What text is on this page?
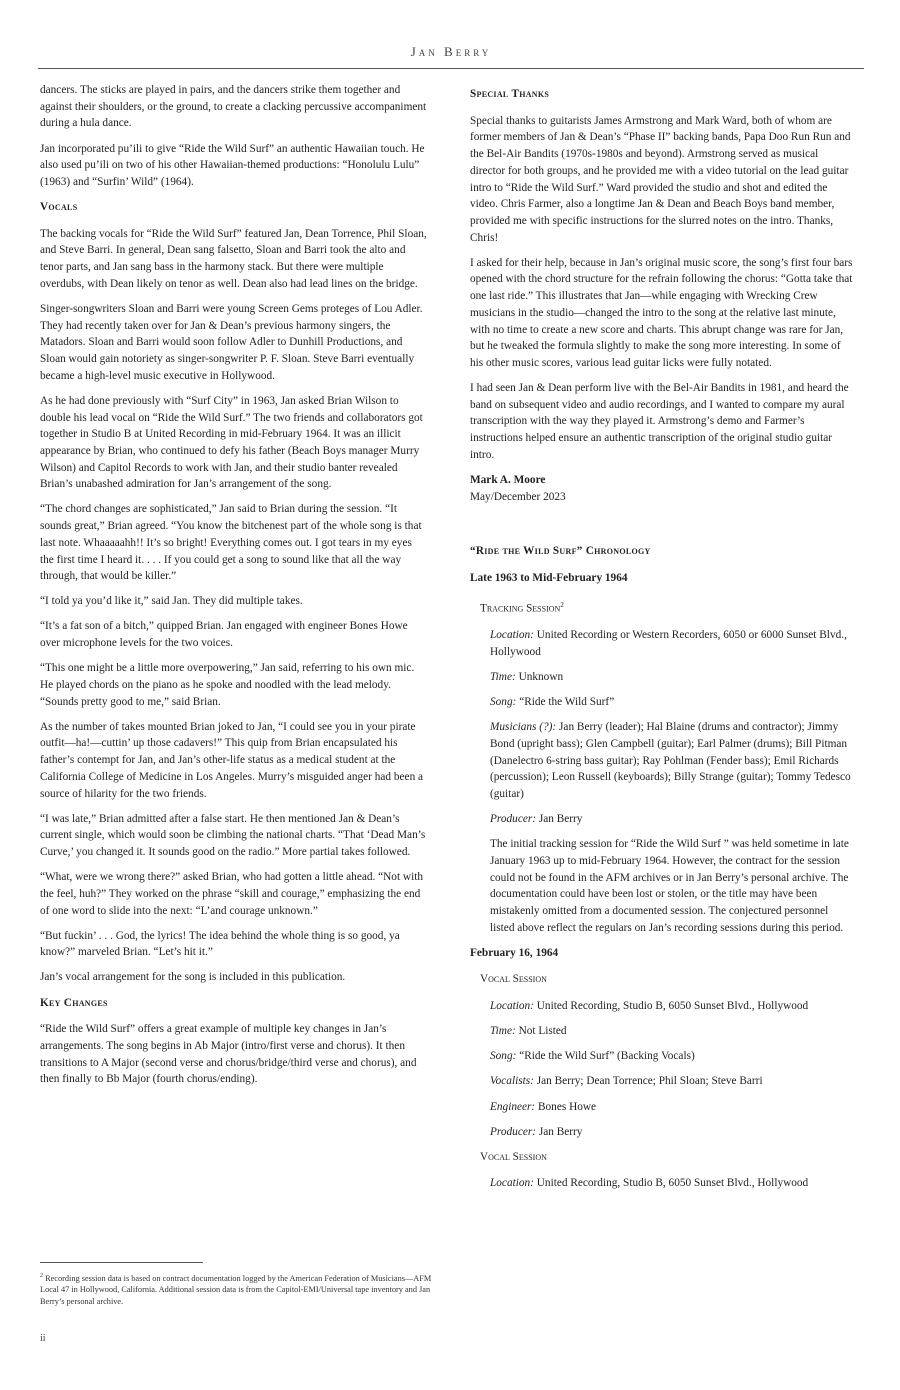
Jan Berry

dancers. The sticks are played in pairs, and the dancers strike them together and against their shoulders, or the ground, to create a clacking percussive accompaniment during a hula dance.

Jan incorporated pu’ili to give “Ride the Wild Surf” an authentic Hawaiian touch. He also used pu’ili on two of his other Hawaiian-themed productions: “Honolulu Lulu” (1963) and “Surfin’ Wild” (1964).

Vocals

The backing vocals for “Ride the Wild Surf” featured Jan, Dean Torrence, Phil Sloan, and Steve Barri. In general, Dean sang falsetto, Sloan and Barri took the alto and tenor parts, and Jan sang bass in the harmony stack. But there were multiple overdubs, with Dean likely on tenor as well. Dean also had lead lines on the bridge.

Singer-songwriters Sloan and Barri were young Screen Gems proteges of Lou Adler. They had recently taken over for Jan & Dean’s previous harmony singers, the Matadors. Sloan and Barri would soon follow Adler to Dunhill Productions, and Sloan would gain notoriety as singer-songwriter P. F. Sloan. Steve Barri eventually became a high-level music executive in Hollywood.

As he had done previously with “Surf City” in 1963, Jan asked Brian Wilson to double his lead vocal on “Ride the Wild Surf.” The two friends and collaborators got together in Studio B at United Recording in mid-February 1964. It was an illicit appearance by Brian, who continued to defy his father (Beach Boys manager Murry Wilson) and Capitol Records to work with Jan, and their studio banter revealed Brian’s unabashed admiration for Jan’s arrangement of the song.

“The chord changes are sophisticated,” Jan said to Brian during the session. “It sounds great,” Brian agreed. “You know the bitchenest part of the whole song is that last note. Whaaaaahh!! It’s so bright! Everything comes out. I got tears in my eyes the first time I heard it. . . . If you could get a song to sound like that all the way through, that would be killer.”

“I told ya you’d like it,” said Jan. They did multiple takes.

“It’s a fat son of a bitch,” quipped Brian. Jan engaged with engineer Bones Howe over microphone levels for the two voices.

“This one might be a little more overpowering,” Jan said, referring to his own mic. He played chords on the piano as he spoke and noodled with the lead melody. “Sounds pretty good to me,” said Brian.

As the number of takes mounted Brian joked to Jan, “I could see you in your pirate outfit—ha!—cuttin’ up those cadavers!” This quip from Brian encapsulated his father’s contempt for Jan, and Jan’s other-life status as a medical student at the California College of Medicine in Los Angeles. Murry’s misguided anger had been a source of hilarity for the two friends.

“I was late,” Brian admitted after a false start. He then mentioned Jan & Dean’s current single, which would soon be climbing the national charts. “That ‘Dead Man’s Curve,’ you changed it. It sounds good on the radio.” More partial takes followed.

“What, were we wrong there?” asked Brian, who had gotten a little ahead. “Not with the feel, huh?” They worked on the phrase “skill and courage,” emphasizing the end of one word to slide into the next: “L’and courage unknown.”

“But fuckin’ . . . God, the lyrics! The idea behind the whole thing is so good, ya know?” marveled Brian. “Let’s hit it.”

Jan’s vocal arrangement for the song is included in this publication.

Key Changes

“Ride the Wild Surf” offers a great example of multiple key changes in Jan’s arrangements. The song begins in Ab Major (intro/first verse and chorus). It then transitions to A Major (second verse and chorus/bridge/third verse and chorus), and then finally to Bb Major (fourth chorus/ending).

Special Thanks

Special thanks to guitarists James Armstrong and Mark Ward, both of whom are former members of Jan & Dean’s “Phase II” backing bands, Papa Doo Run Run and the Bel-Air Bandits (1970s-1980s and beyond). Armstrong served as musical director for both groups, and he provided me with a video tutorial on the lead guitar intro to “Ride the Wild Surf.” Ward provided the studio and shot and edited the video. Chris Farmer, also a longtime Jan & Dean and Beach Boys band member, provided me with specific instructions for the slurred notes on the intro. Thanks, Chris!

I asked for their help, because in Jan’s original music score, the song’s first four bars opened with the chord structure for the refrain following the chorus: “Gotta take that one last ride.” This illustrates that Jan—while engaging with Wrecking Crew musicians in the studio—changed the intro to the song at the relative last minute, with no time to create a new score and charts. This abrupt change was rare for Jan, but he tweaked the formula slightly to make the song more interesting. In some of his other music scores, various lead guitar licks were fully notated.

I had seen Jan & Dean perform live with the Bel-Air Bandits in 1981, and heard the band on subsequent video and audio recordings, and I wanted to compare my aural transcription with the way they played it. Armstrong’s demo and Farmer’s instructions helped ensure an authentic transcription of the original studio guitar intro.

Mark A. Moore

May/December 2023

“Ride the Wild Surf” Chronology

Late 1963 to Mid-February 1964

Tracking Session$^2$

Location: United Recording or Western Recorders, 6050 or 6000 Sunset Blvd., Hollywood

Time: Unknown

Song: “Ride the Wild Surf”

Musicians (?): Jan Berry (leader); Hal Blaine (drums and contractor); Jimmy Bond (upright bass); Glen Campbell (guitar); Earl Palmer (drums); Bill Pitman (Danelectro 6-string bass guitar); Ray Pohlman (Fender bass); Emil Richards (percussion); Leon Russell (keyboards); Billy Strange (guitar); Tommy Tedesco (guitar)

Producer: Jan Berry

The initial tracking session for “Ride the Wild Surf ” was held sometime in late January 1963 up to mid-February 1964. However, the contract for the session could not be found in the AFM archives or in Jan Berry’s personal archive. The documentation could have been lost or stolen, or the title may have been mistakenly omitted from a documented session. The conjectured personnel listed above reflect the regulars on Jan’s recording sessions during this period.

February 16, 1964

Vocal Session

Location: United Recording, Studio B, 6050 Sunset Blvd., Hollywood

Time: Not Listed

Song: “Ride the Wild Surf” (Backing Vocals)

Vocalists: Jan Berry; Dean Torrence; Phil Sloan; Steve Barri

Engineer: Bones Howe

Producer: Jan Berry

Vocal Session

Location: United Recording, Studio B, 6050 Sunset Blvd., Hollywood

$^2$ Recording session data is based on contract documentation logged by the American Federation of Musicians—AFM Local 47 in Hollywood, California. Additional session data is from the Capitol-EMI/Universal tape inventory and Jan Berry’s personal archive.
ii
